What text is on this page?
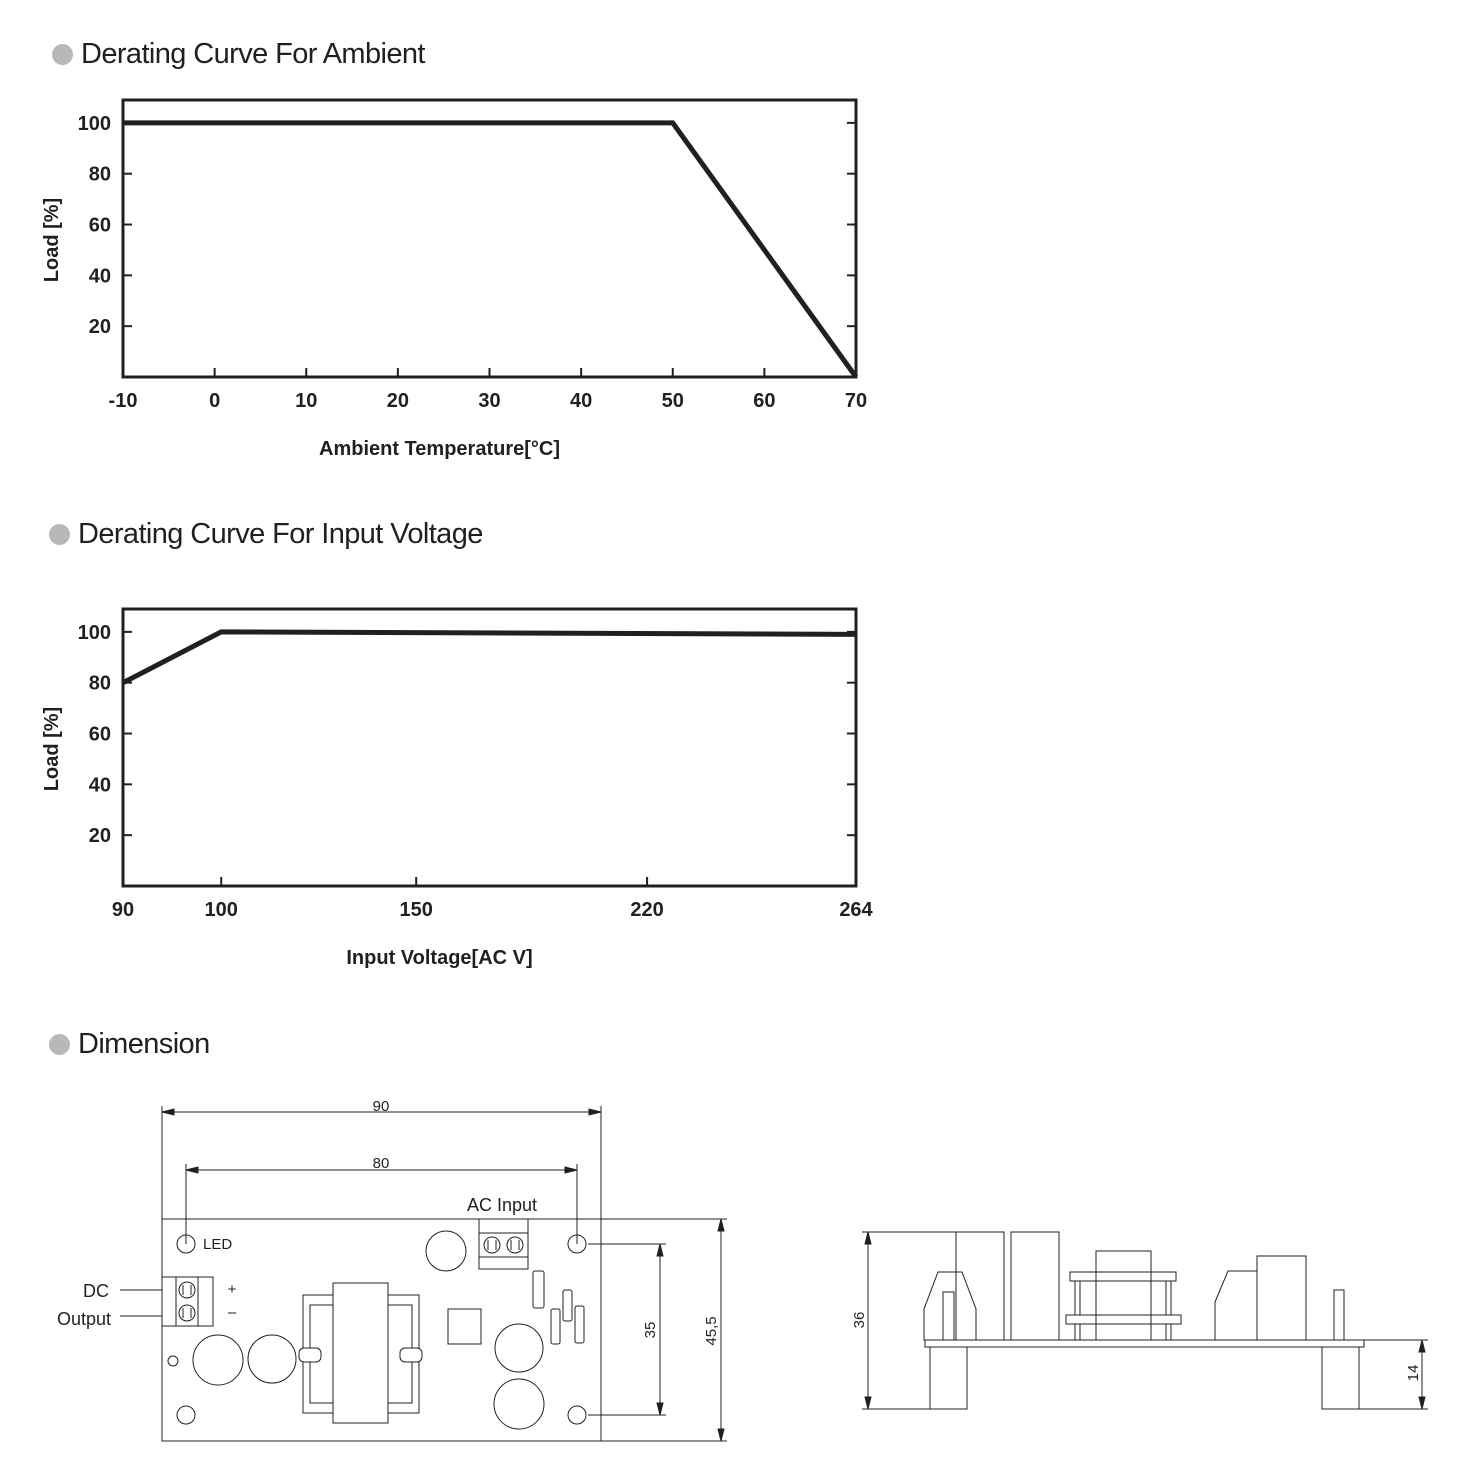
Derating Curve For Ambient
Derating Curve For Input Voltage
Dimension
20
40
60
80
100
-10	0	10	20	30	40	50	60	70
Ambient Temperature[°C]
Load [%]
20
40
60
80
100
90	100	150	220	264
Input Voltage[AC V]
Load [%]
90
80
45,5
35
LED
AC Input
DC
Output
+
–	36
14
